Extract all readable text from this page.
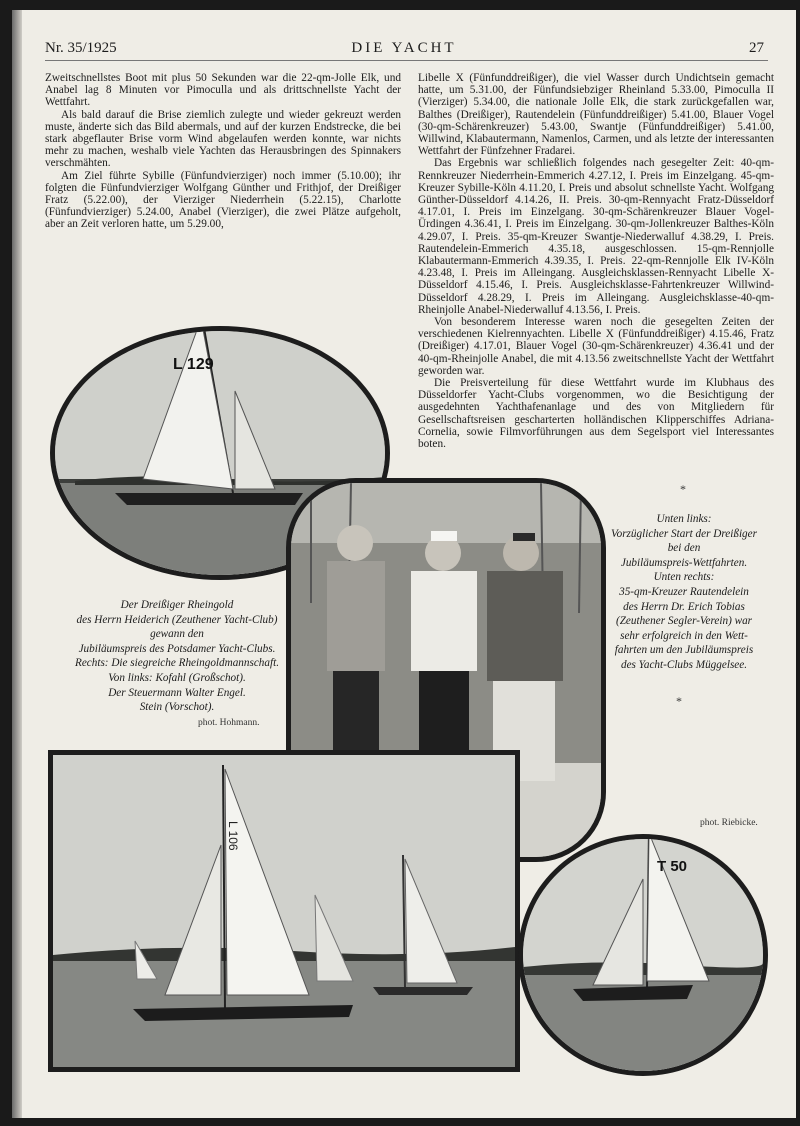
Nr. 35/1925	DIE YACHT	27

Zweitschnellstes Boot mit plus 50 Sekunden war die 22-qm-Jolle Elk, und Anabel lag 8 Minuten vor Pimoculla und als drittschnellste Yacht der Wettfahrt.

Als bald darauf die Brise ziemlich zulegte und wieder gekreuzt werden muste, änderte sich das Bild abermals, und auf der kurzen Endstrecke, die bei stark abgeflauter Brise vorm Wind abgelaufen werden konnte, war nichts mehr zu machen, weshalb viele Yachten das Herausbringen des Spinnakers verschmähten.

Am Ziel führte Sybille (Fünfundvierziger) noch immer (5.10.00); ihr folgten die Fünfundvierziger Wolfgang Günther und Frithjof, der Dreißiger Fratz (5.22.00), der Vierziger Niederrhein (5.22.15), Charlotte (Fünfundvierziger) 5.24.00, Anabel (Vierziger), die zwei Plätze aufgeholt, aber an Zeit verloren hatte, um 5.29.00,

Libelle X (Fünfunddreißiger), die viel Wasser durch Undichtsein gemacht hatte, um 5.31.00, der Fünfundsiebziger Rheinland 5.33.00, Pimoculla II (Vierziger) 5.34.00, die nationale Jolle Elk, die stark zurückgefallen war, Balthes (Dreißiger), Rautendelein (Fünfunddreißiger) 5.41.00, Blauer Vogel (30-qm-Schärenkreuzer) 5.43.00, Swantje (Fünfunddreißiger) 5.41.00, Willwind, Klabautermann, Namenlos, Carmen, und als letzte der interessanten Wettfahrt der Fünfzehner Fradarei.

Das Ergebnis war schließlich folgendes nach gesegelter Zeit: 40-qm-Rennkreuzer Niederrhein-Emmerich 4.27.12, I. Preis im Einzelgang. 45-qm-Kreuzer Sybille-Köln 4.11.20, I. Preis und absolut schnellste Yacht. Wolfgang Günther-Düsseldorf 4.14.26, II. Preis. 30-qm-Rennyacht Fratz-Düsseldorf 4.17.01, I. Preis im Einzelgang. 30-qm-Schärenkreuzer Blauer Vogel-Ürdingen 4.36.41, I. Preis im Einzelgang. 30-qm-Jollenkreuzer Balthes-Köln 4.29.07, I. Preis. 35-qm-Kreuzer Swantje-Niederwalluf 4.38.29, I. Preis. Rautendelein-Emmerich 4.35.18, ausgeschlossen. 15-qm-Rennjolle Klabautermann-Emmerich 4.39.35, I. Preis. 22-qm-Rennjolle Elk IV-Köln 4.23.48, I. Preis im Alleingang. Ausgleichsklassen-Rennyacht Libelle X-Düsseldorf 4.15.46, I. Preis. Ausgleichsklasse-Fahrtenkreuzer Willwind-Düsseldorf 4.28.29, I. Preis im Alleingang. Ausgleichsklasse-40-qm-Rheinjolle Anabel-Niederwalluf 4.13.56, I. Preis.

Von besonderem Interesse waren noch die gesegelten Zeiten der verschiedenen Kielrennyachten. Libelle X (Fünfunddreißiger) 4.15.46, Fratz (Dreißiger) 4.17.01, Blauer Vogel (30-qm-Schärenkreuzer) 4.36.41 und der 40-qm-Rheinjolle Anabel, die mit 4.13.56 zweitschnellste Yacht der Wettfahrt geworden war.

Die Preisverteilung für diese Wettfahrt wurde im Klubhaus des Düsseldorfer Yacht-Clubs vorgenommen, wo die Besichtigung der ausgedehnten Yachthafenanlage und des von Mitgliedern für Gesellschaftsreisen gescharterten holländischen Klipperschiffes Adriana-Cornelia, sowie Filmvorführungen aus dem Segelsport viel Interessantes boten.

*
*
L 129
L 106
T 50
Der Dreißiger Rheingold
des Herrn Heiderich (Zeuthener Yacht-Club)
gewann den
Jubiläumspreis des Potsdamer Yacht-Clubs.
Rechts: Die siegreiche Rheingoldmannschaft.
Von links: Kofahl (Großschot).
Der Steuermann Walter Engel.
Stein (Vorschot).
phot. Hohmann.
Unten links:
Vorzüglicher Start der Dreißiger
bei den
Jubiläumspreis-Wettfahrten.
Unten rechts:
35-qm-Kreuzer Rautendelein
des Herrn Dr. Erich Tobias
(Zeuthener Segler-Verein) war
sehr erfolgreich in den Wett-
fahrten um den Jubiläumspreis
des Yacht-Clubs Müggelsee.
phot. Riebicke.
